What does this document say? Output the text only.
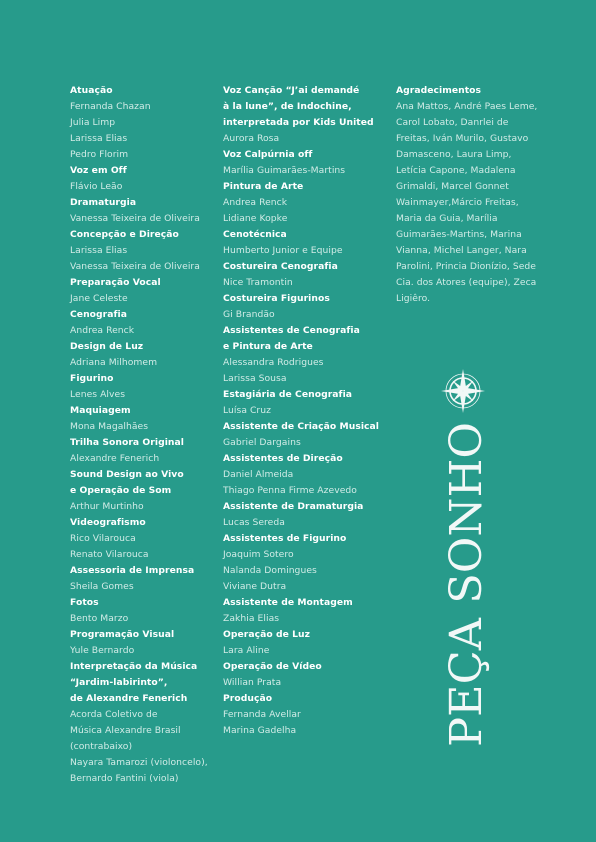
Atuação
Fernanda Chazan
Julia Limp
Larissa Elias
Pedro Florim
Voz em Off
Flávio Leão
Dramaturgia
Vanessa Teixeira de Oliveira
Concepção e Direção
Larissa Elias
Vanessa Teixeira de Oliveira
Preparação Vocal
Jane Celeste
Cenografia
Andrea Renck
Design de Luz
Adriana Milhomem
Figurino
Lenes Alves
Maquiagem
Mona Magalhães
Trilha Sonora Original
Alexandre Fenerich
Sound Design ao Vivo
e Operação de Som
Arthur Murtinho
Videografismo
Rico Vilarouca
Renato Vilarouca
Assessoria de Imprensa
Sheila Gomes
Fotos
Bento Marzo
Programação Visual
Yule Bernardo
Interpretação da Música
“Jardim-labirinto”,
de Alexandre Fenerich
Acorda Coletivo de
Música Alexandre Brasil
(contrabaixo)
Nayara Tamarozi (violoncelo),
Bernardo Fantini (viola)
Voz Canção “J’ai demandé
à la lune”, de Indochine,
interpretada por Kids United
Aurora Rosa
Voz Calpúrnia off
Marília Guimarães-Martins
Pintura de Arte
Andrea Renck
Lidiane Kopke
Cenotécnica
Humberto Junior e Equipe
Costureira Cenografia
Nice Tramontin
Costureira Figurinos
Gi Brandão
Assistentes de Cenografia
e Pintura de Arte
Alessandra Rodrigues
Larissa Sousa
Estagiária de Cenografia
Luísa Cruz
Assistente de Criação Musical
Gabriel Dargains
Assistentes de Direção
Daniel Almeida
Thiago Penna Firme Azevedo
Assistente de Dramaturgia
Lucas Sereda
Assistentes de Figurino
Joaquim Sotero
Nalanda Domingues
Viviane Dutra
Assistente de Montagem
Zakhia Elias
Operação de Luz
Lara Aline
Operação de Vídeo
Willian Prata
Produção
Fernanda Avellar
Marina Gadelha
Agradecimentos
Ana Mattos, André Paes Leme,
Carol Lobato, Danrlei de
Freitas, Iván Murilo, Gustavo
Damasceno, Laura Limp,
Letícia Capone, Madalena
Grimaldi, Marcel Gonnet
Wainmayer,Márcio Freitas,
Maria da Guia, Marília
Guimarães-Martins, Marina
Vianna, Michel Langer, Nara
Parolini, Princia Dionízio, Sede
Cia. dos Atores (equipe), Zeca
Ligiêro.
PEÇA SONHO
